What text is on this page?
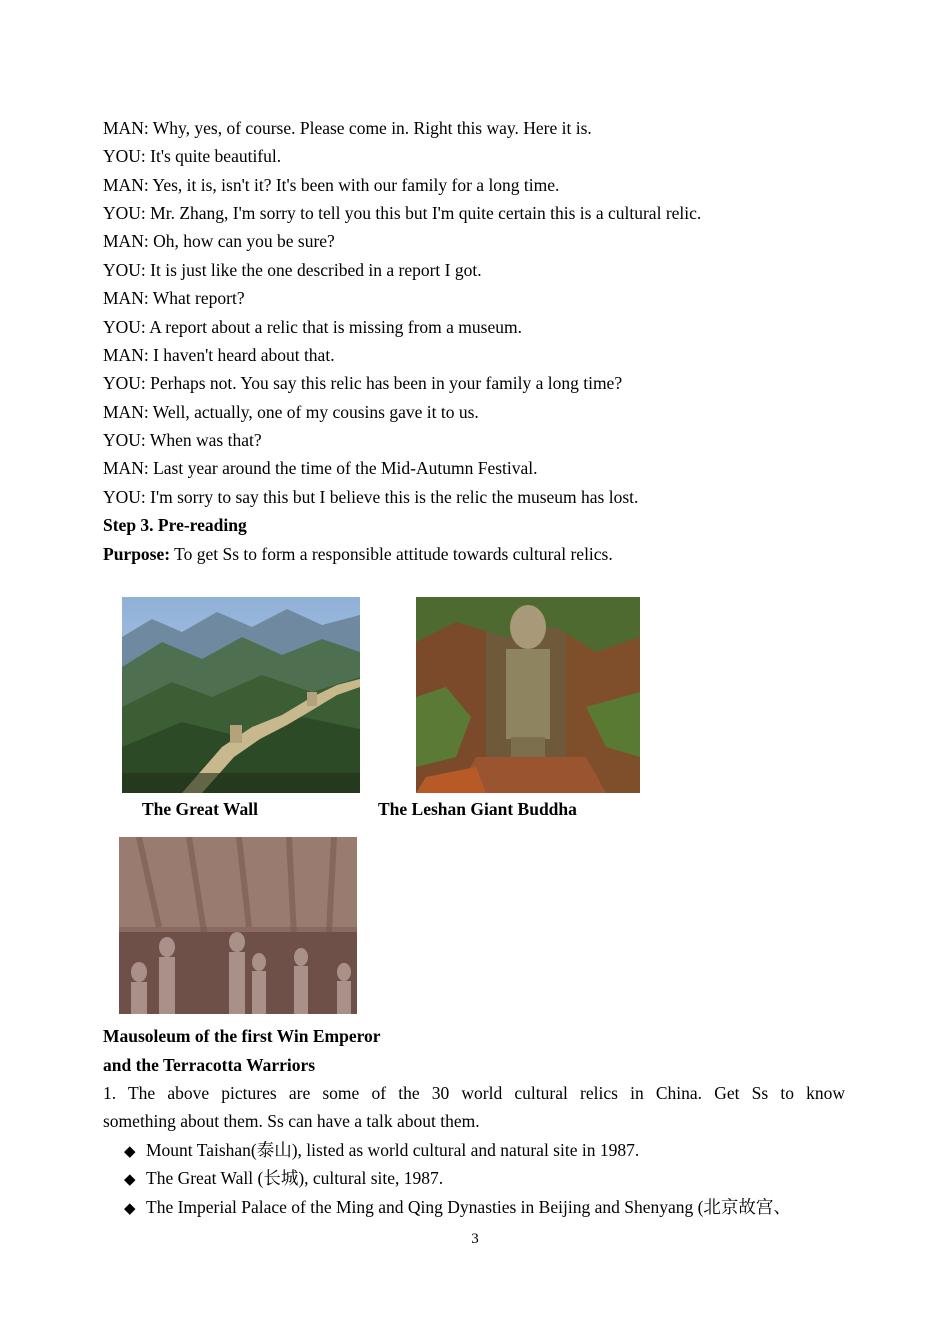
MAN: Why, yes, of course. Please come in. Right this way. Here it is.
YOU: It's quite beautiful.
MAN: Yes, it is, isn't it? It's been with our family for a long time.
YOU: Mr. Zhang, I'm sorry to tell you this but I'm quite certain this is a cultural relic.
MAN: Oh, how can you be sure?
YOU: It is just like the one described in a report I got.
MAN: What report?
YOU: A report about a relic that is missing from a museum.
MAN: I haven't heard about that.
YOU: Perhaps not. You say this relic has been in your family a long time?
MAN: Well, actually, one of my cousins gave it to us.
YOU: When was that?
MAN: Last year around the time of the Mid-Autumn Festival.
YOU: I'm sorry to say this but I believe this is the relic the museum has lost.
Step 3. Pre-reading
Purpose: To get Ss to form a responsible attitude towards cultural relics.
The Great Wall	The Leshan Giant Buddha
Mausoleum of the first Win Emperor
and the Terracotta Warriors
1. The above pictures are some of the 30 world cultural relics in China. Get Ss to know
something about them. Ss can have a talk about them.
◆ Mount Taishan(泰山), listed as world cultural and natural site in 1987.
◆ The Great Wall (长城), cultural site, 1987.
◆ The Imperial Palace of the Ming and Qing Dynasties in Beijing and Shenyang (北京故宫、
3
